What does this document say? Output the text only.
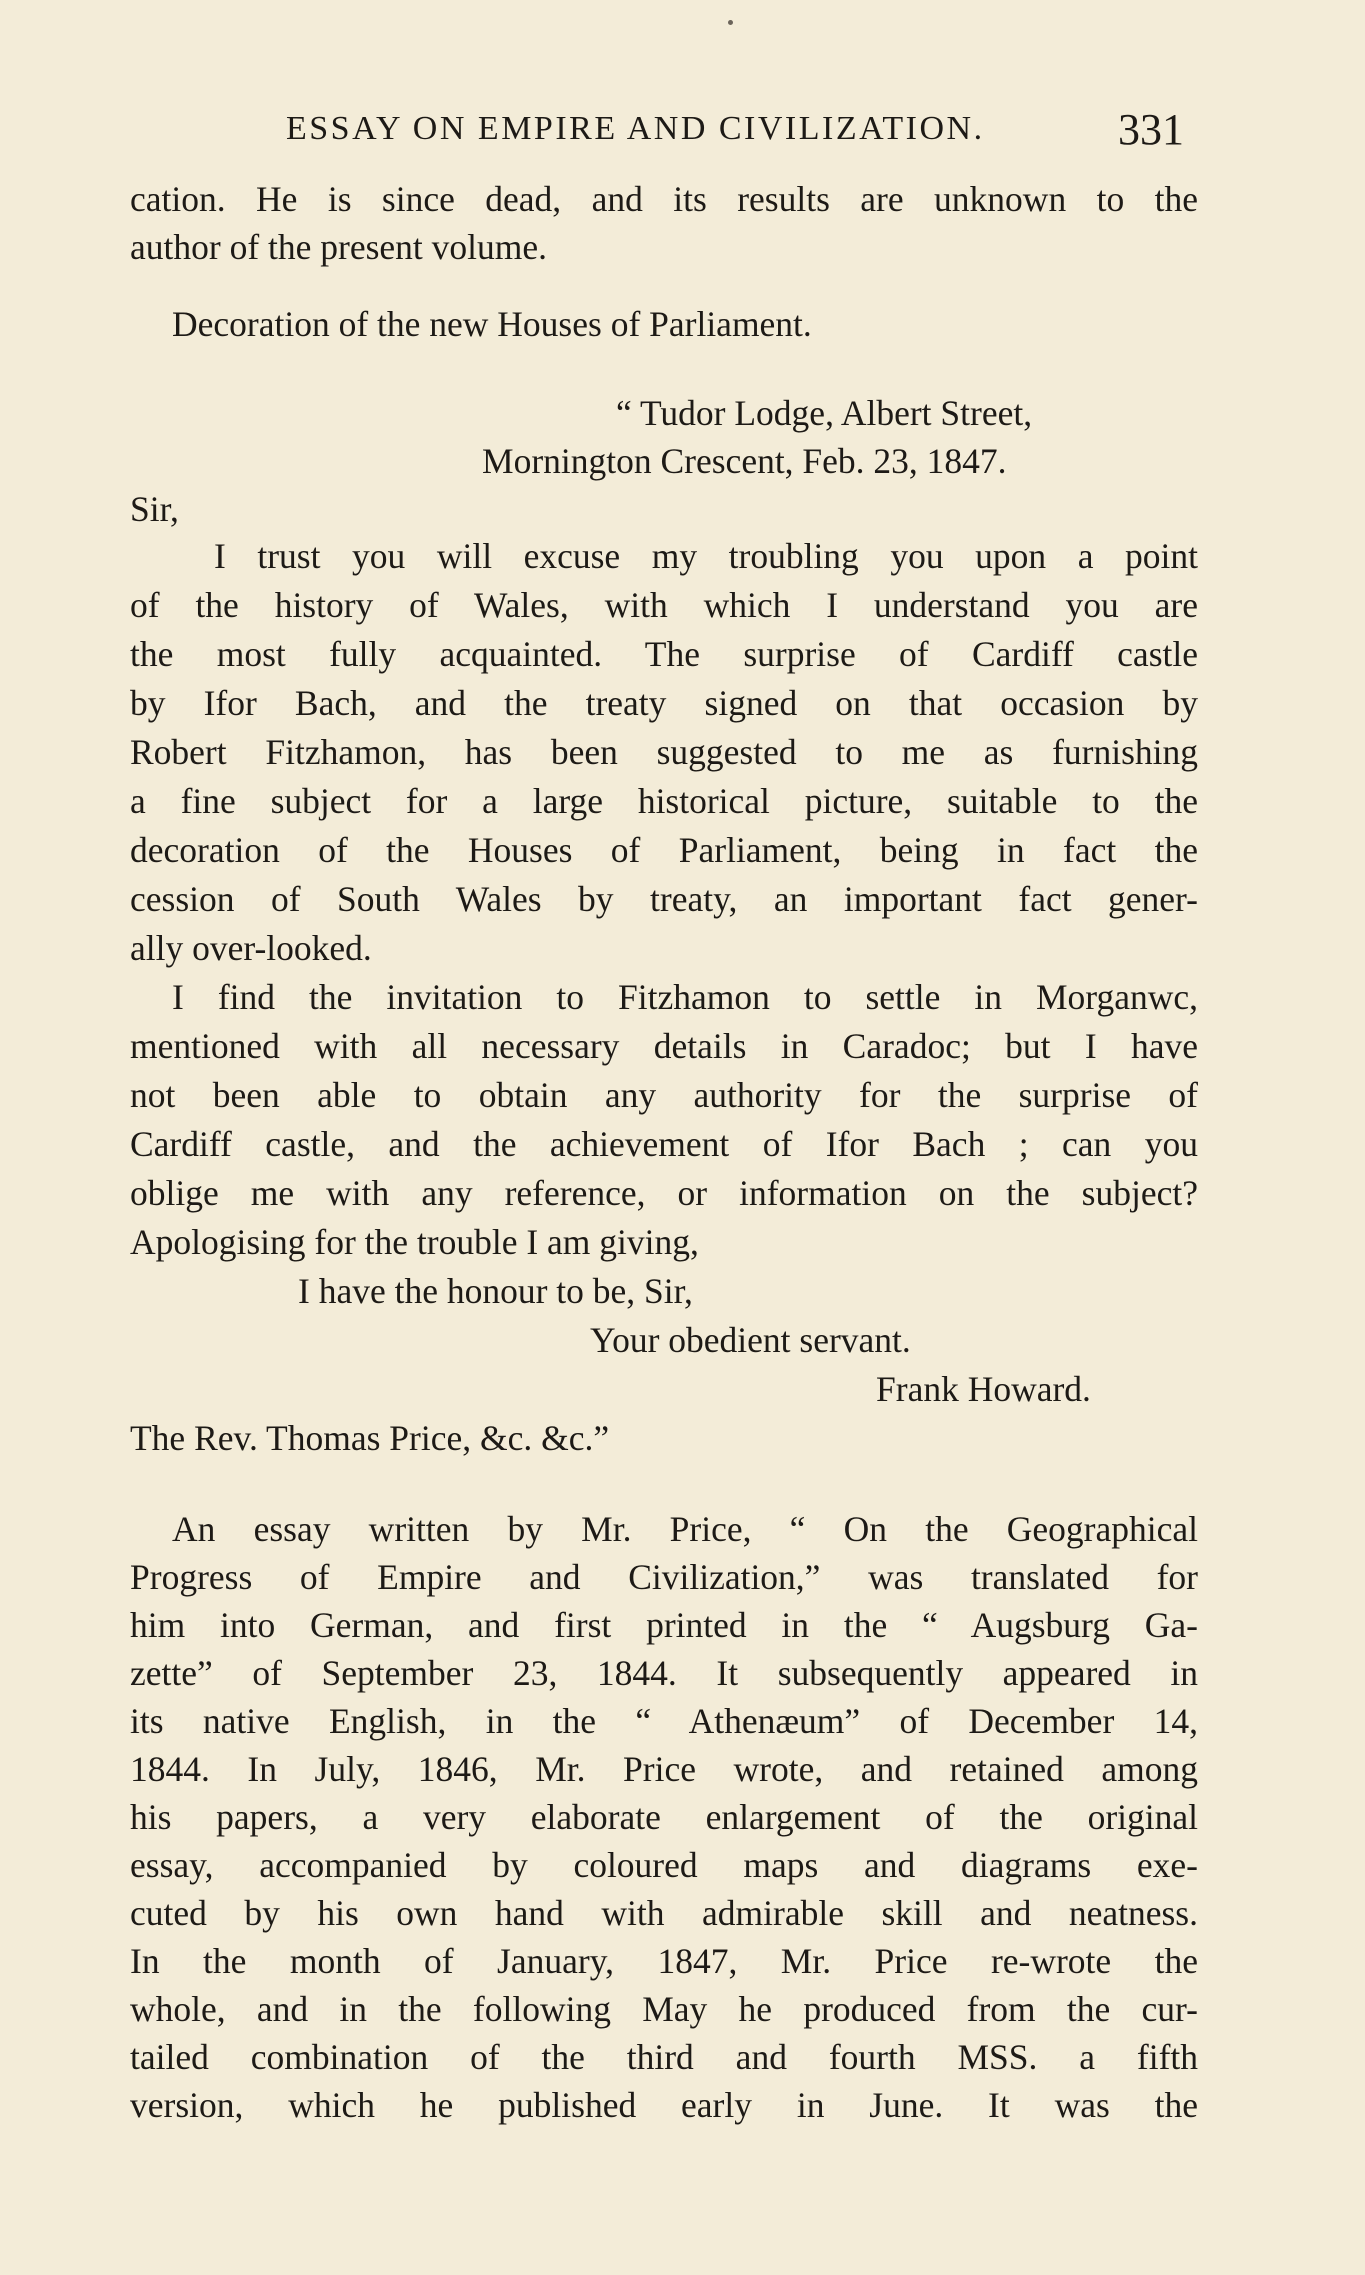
ESSAY ON EMPIRE AND CIVILIZATION.	331
cation. He is since dead, and its results are unknown to the
author of the present volume.
Decoration of the new Houses of Parliament.
“ Tudor Lodge, Albert Street,
Mornington Crescent, Feb. 23, 1847.
Sir,
I trust you will excuse my troubling you upon a point
of the history of Wales, with which I understand you are
the most fully acquainted. The surprise of Cardiff castle
by Ifor Bach, and the treaty signed on that occasion by
Robert Fitzhamon, has been suggested to me as furnishing
a fine subject for a large historical picture, suitable to the
decoration of the Houses of Parliament, being in fact the
cession of South Wales by treaty, an important fact gener-
ally over-looked.
I find the invitation to Fitzhamon to settle in Morganwc,
mentioned with all necessary details in Caradoc; but I have
not been able to obtain any authority for the surprise of
Cardiff castle, and the achievement of Ifor Bach ; can you
oblige me with any reference, or information on the subject?
Apologising for the trouble I am giving,
I have the honour to be, Sir,
Your obedient servant.
Frank Howard.
The Rev. Thomas Price, &c. &c.”
An essay written by Mr. Price, “ On the Geographical
Progress of Empire and Civilization,” was translated for
him into German, and first printed in the “ Augsburg Ga-
zette” of September 23, 1844. It subsequently appeared in
its native English, in the “ Athenæum” of December 14,
1844. In July, 1846, Mr. Price wrote, and retained among
his papers, a very elaborate enlargement of the original
essay, accompanied by coloured maps and diagrams exe-
cuted by his own hand with admirable skill and neatness.
In the month of January, 1847, Mr. Price re-wrote the
whole, and in the following May he produced from the cur-
tailed combination of the third and fourth MSS. a fifth
version, which he published early in June. It was the
